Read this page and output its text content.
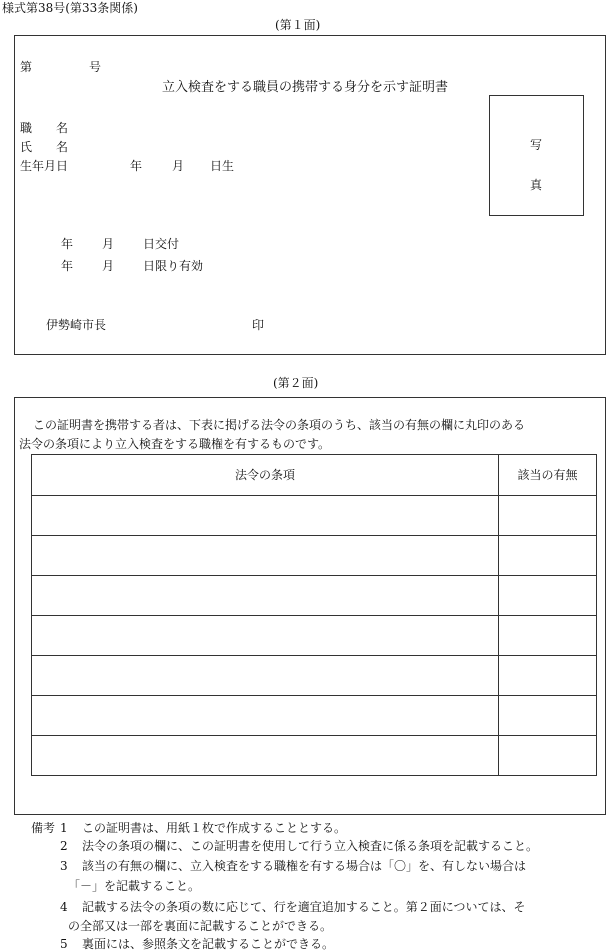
様式第38号(第33条関係)
(第１面)
第	号
立入検査をする職員の携帯する身分を示す証明書
職　　名
氏　　名
生年月日	年 月 日生
写
真
年 月 日交付
年 月 日限り有効
伊勢崎市長	印
(第２面)
この証明書を携帯する者は、下表に掲げる法令の条項のうち、該当の有無の欄に丸印のある
法令の条項により立入検査をする職権を有するものです。
法令の条項	該当の有無

備考 1 この証明書は、用紙１枚で作成することとする。
2 法令の条項の欄に、この証明書を使用して行う立入検査に係る条項を記載すること。
3 該当の有無の欄に、立入検査をする職権を有する場合は「〇」を、有しない場合は
「－」を記載すること。
4 記載する法令の条項の数に応じて、行を適宜追加すること。第２面については、そ
の全部又は一部を裏面に記載することができる。
5 裏面には、参照条文を記載することができる。
